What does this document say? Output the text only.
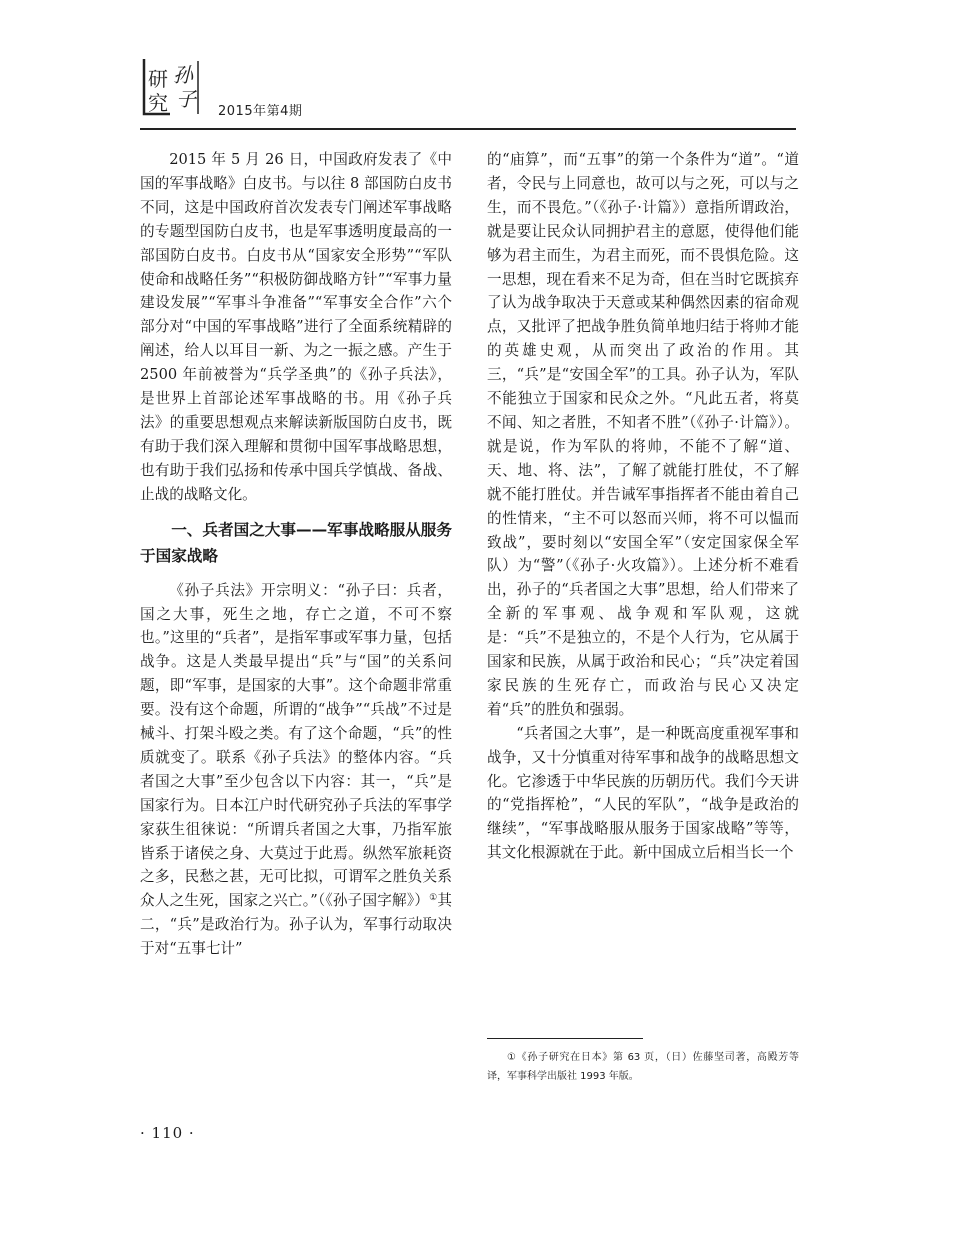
孙
子
研
究	2015年第4期

2015 年 5 月 26 日，中国政府发表了《中国的军事战略》白皮书。与以往 8 部国防白皮书不同，这是中国政府首次发表专门阐述军事战略的专题型国防白皮书，也是军事透明度最高的一部国防白皮书。白皮书从“国家安全形势”“军队使命和战略任务”“积极防御战略方针”“军事力量建设发展”“军事斗争准备”“军事安全合作”六个部分对“中国的军事战略”进行了全面系统精辟的阐述，给人以耳目一新、为之一振之感。产生于 2500 年前被誉为“兵学圣典”的《孙子兵法》，是世界上首部论述军事战略的书。用《孙子兵法》的重要思想观点来解读新版国防白皮书，既有助于我们深入理解和贯彻中国军事战略思想，也有助于我们弘扬和传承中国兵学慎战、备战、止战的战略文化。

一、兵者国之大事——军事战略服从服务于国家战略

《孙子兵法》开宗明义：“孙子曰：兵者，国之大事，死生之地，存亡之道，不可不察也。”这里的“兵者”，是指军事或军事力量，包括战争。这是人类最早提出“兵”与“国”的关系问题，即“军事，是国家的大事”。这个命题非常重要。没有这个命题，所谓的“战争”“兵战”不过是械斗、打架斗殴之类。有了这个命题，“兵”的性质就变了。联系《孙子兵法》的整体内容。“兵者国之大事”至少包含以下内容：其一，“兵”是国家行为。日本江户时代研究孙子兵法的军事学家荻生徂徕说：“所谓兵者国之大事，乃指军旅皆系于诸侯之身、大莫过于此焉。纵然军旅耗资之多，民愁之甚，无可比拟，可谓军之胜负关系众人之生死，国家之兴亡。”（《孙子国字解》）①其二，“兵”是政治行为。孙子认为，军事行动取决于对“五事七计”

的“庙算”，而“五事”的第一个条件为“道”。“道者，令民与上同意也，故可以与之死，可以与之生，而不畏危。”（《孙子·计篇》）意指所谓政治，就是要让民众认同拥护君主的意愿，使得他们能够为君主而生，为君主而死，而不畏惧危险。这一思想，现在看来不足为奇，但在当时它既摈弃了认为战争取决于天意或某种偶然因素的宿命观点，又批评了把战争胜负简单地归结于将帅才能的英雄史观，从而突出了政治的作用。其三，“兵”是“安国全军”的工具。孙子认为，军队不能独立于国家和民众之外。“凡此五者，将莫不闻、知之者胜，不知者不胜”（《孙子·计篇》）。就是说，作为军队的将帅，不能不了解“道、天、地、将、法”，了解了就能打胜仗，不了解就不能打胜仗。并告诫军事指挥者不能由着自己的性情来，“主不可以怒而兴师，将不可以愠而致战”，要时刻以“安国全军”（安定国家保全军队）为“警”（《孙子·火攻篇》）。上述分析不难看出，孙子的“兵者国之大事”思想，给人们带来了全新的军事观、战争观和军队观，这就是：“兵”不是独立的，不是个人行为，它从属于国家和民族，从属于政治和民心；“兵”决定着国家民族的生死存亡，而政治与民心又决定着“兵”的胜负和强弱。

“兵者国之大事”，是一种既高度重视军事和战争，又十分慎重对待军事和战争的战略思想文化。它渗透于中华民族的历朝历代。我们今天讲的“党指挥枪”，“人民的军队”，“战争是政治的继续”，“军事战略服从服务于国家战略”等等，其文化根源就在于此。新中国成立后相当长一个

①《孙子研究在日本》第 63 页，（日）佐藤坚司著，高殿芳等译，军事科学出版社 1993 年版。

· 110 ·
